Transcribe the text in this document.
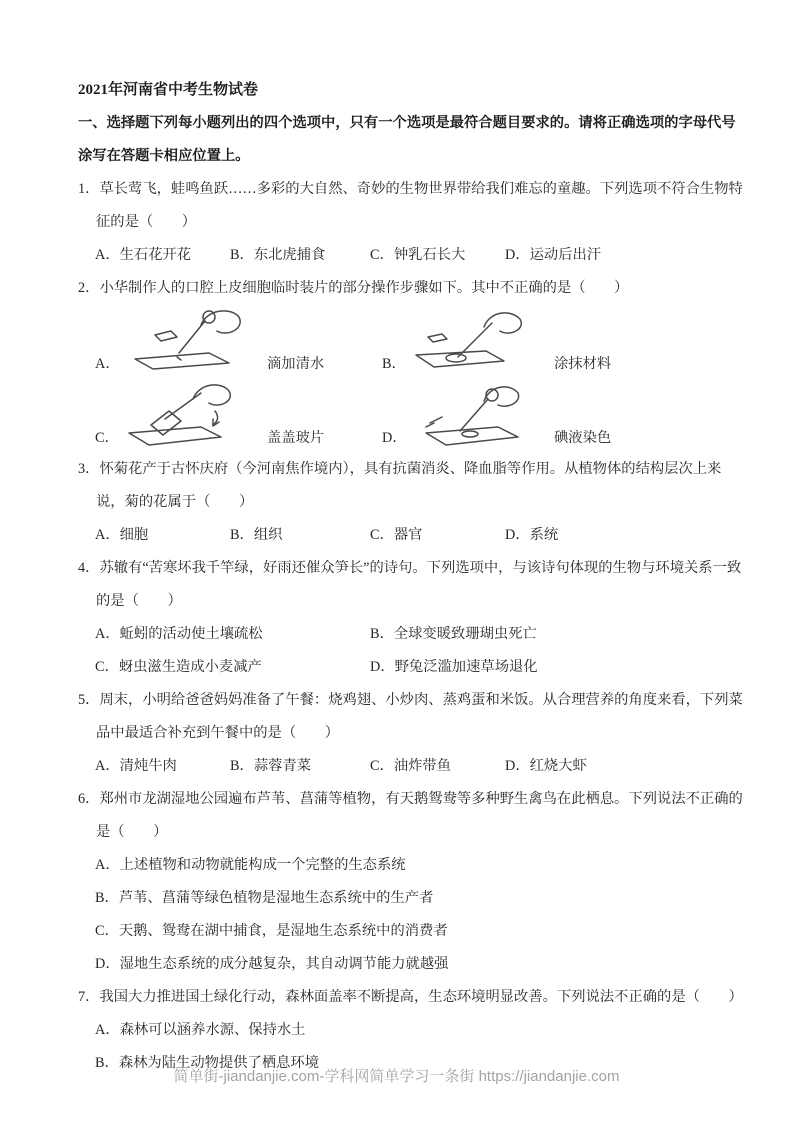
2021年河南省中考生物试卷
一、选择题下列每小题列出的四个选项中，只有一个选项是最符合题目要求的。请将正确选项的字母代号涂写在答题卡相应位置上。
1．草长莺飞，蛙鸣鱼跃……多彩的大自然、奇妙的生物世界带给我们难忘的童趣。下列选项不符合生物特征的是（　　）
A．生石花开花	B．东北虎捕食	C．钟乳石长大	D．运动后出汗
2．小华制作人的口腔上皮细胞临时装片的部分操作步骤如下。其中不正确的是（　　）
A．	滴加清水	B．	涂抹材料
C．	盖盖玻片	D．	碘液染色
3．怀菊花产于古怀庆府（今河南焦作境内），具有抗菌消炎、降血脂等作用。从植物体的结构层次上来说，菊的花属于（　　）
A．细胞	B．组织	C．器官	D．系统
4．苏辙有“苦寒坏我千竿绿，好雨还催众笋长”的诗句。下列选项中，与该诗句体现的生物与环境关系一致的是（　　）
A．蚯蚓的活动使土壤疏松	B．全球变暖致珊瑚虫死亡
C．蚜虫滋生造成小麦减产	D．野兔泛滥加速草场退化
5．周末，小明给爸爸妈妈准备了午餐：烧鸡翅、小炒肉、蒸鸡蛋和米饭。从合理营养的角度来看，下列菜品中最适合补充到午餐中的是（　　）
A．清炖牛肉	B．蒜蓉青菜	C．油炸带鱼	D．红烧大虾
6．郑州市龙湖湿地公园遍布芦苇、菖蒲等植物，有天鹅鸳鸯等多种野生禽鸟在此栖息。下列说法不正确的是（　　）
A．上述植物和动物就能构成一个完整的生态系统
B．芦苇、菖蒲等绿色植物是湿地生态系统中的生产者
C．天鹅、鸳鸯在湖中捕食，是湿地生态系统中的消费者
D．湿地生态系统的成分越复杂，其自动调节能力就越强
7．我国大力推进国土绿化行动，森林面盖率不断提高，生态环境明显改善。下列说法不正确的是（　　）
A．森林可以涵养水源、保持水土
B．森林为陆生动物提供了栖息环境
简单街-jiandanjie.com-学科网简单学习一条街 https://jiandanjie.com
